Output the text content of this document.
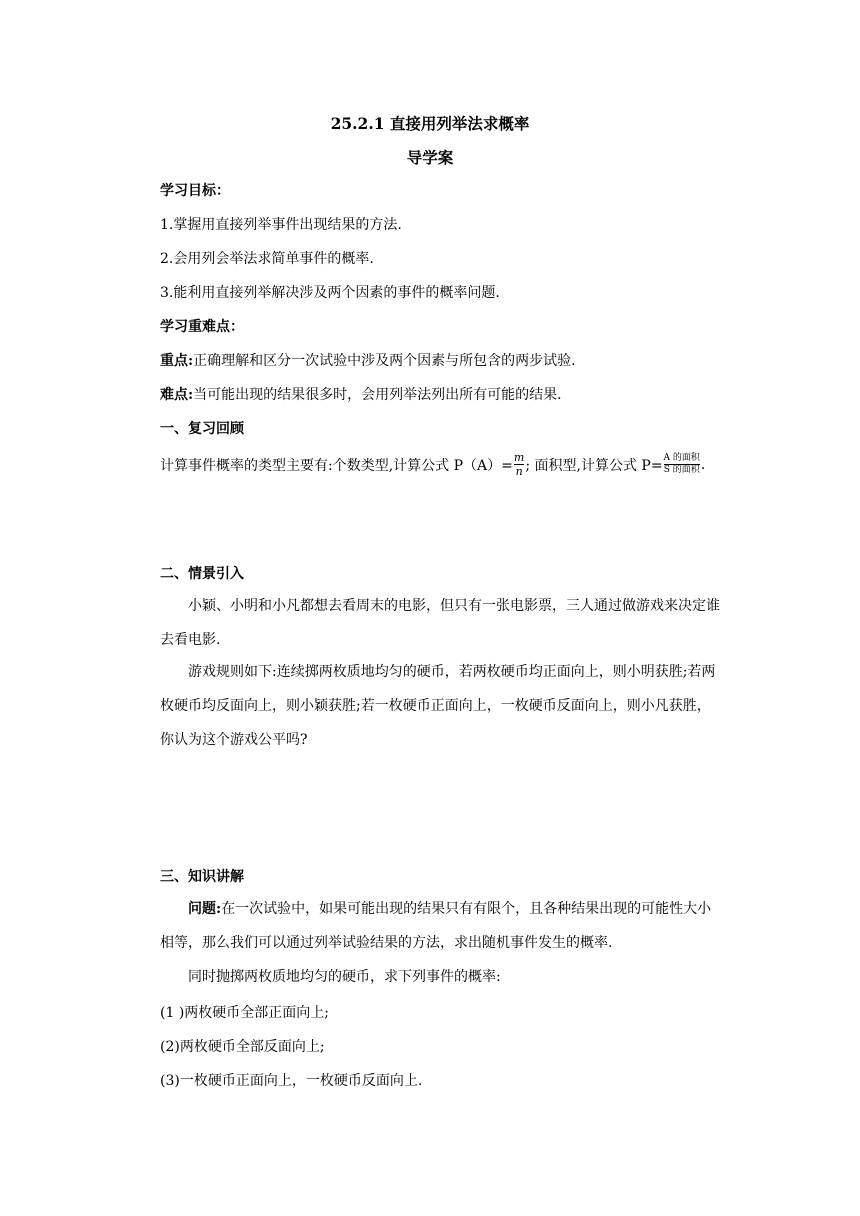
25.2.1 直接用列举法求概率
导学案
学习目标：
1.掌握用直接列举事件出现结果的方法.
2.会用列会举法求简单事件的概率.
3.能利用直接列举解决涉及两个因素的事件的概率问题.
学习重难点：
重点:正确理解和区分一次试验中涉及两个因素与所包含的两步试验.
难点:当可能出现的结果很多时，会用列举法列出所有可能的结果.
一、复习回顾
计算事件概率的类型主要有:个数类型,计算公式 $P(A)= \frac{m}{n}$ ; 面积型,计算公式 $P= \frac{\text{A 的面积}}{\text{S 的面积}}$ .
二、情景引入
小颖、小明和小凡都想去看周末的电影，但只有一张电影票，三人通过做游戏来决定谁去看电影.
游戏规则如下:连续掷两枚质地均匀的硬币，若两枚硬币均正面向上，则小明获胜;若两枚硬币均反面向上，则小颖获胜;若一枚硬币正面向上，一枚硬币反面向上，则小凡获胜，你认为这个游戏公平吗?
三、知识讲解
问题:在一次试验中，如果可能出现的结果只有有限个，且各种结果出现的可能性大小相等，那么我们可以通过列举试验结果的方法，求出随机事件发生的概率.
同时抛掷两枚质地均匀的硬币，求下列事件的概率:
(1 )两枚硬币全部正面向上;
(2)两枚硬币全部反面向上;
(3)一枚硬币正面向上，一枚硬币反面向上.
